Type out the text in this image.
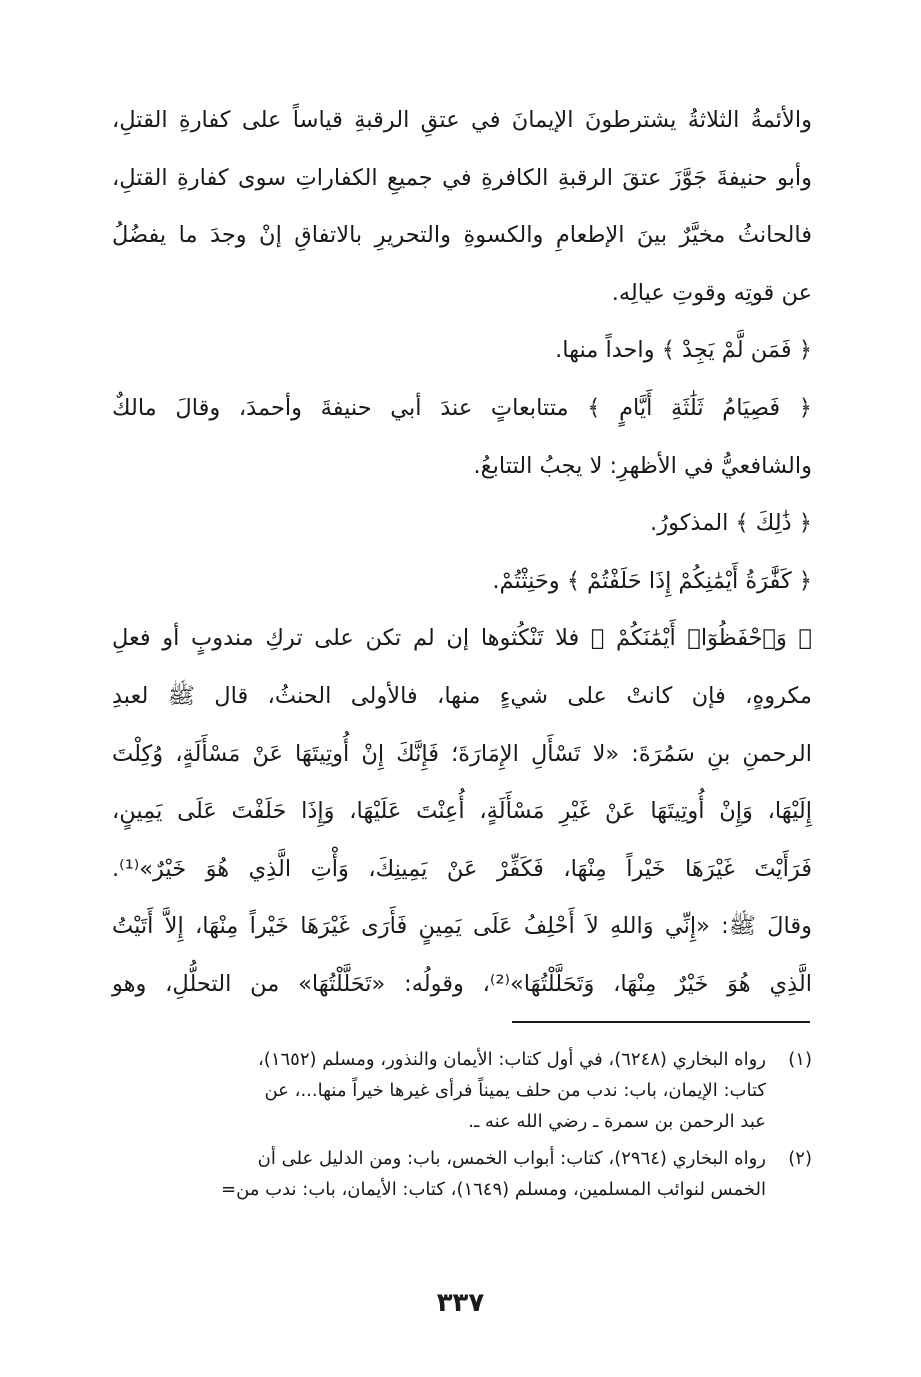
والأئمةُ الثلاثةُ يشترطونَ الإيمانَ في عتقِ الرقبةِ قياساً على كفارةِ القتلِ،
وأبو حنيفةَ جَوَّزَ عتقَ الرقبةِ الكافرةِ في جميعِ الكفاراتِ سوى كفارةِ القتلِ،
فالحانثُ مخيَّرٌ بينَ الإطعامِ والكسوةِ والتحريرِ بالاتفاقِ إنْ وجدَ ما يفضُلُ
عن قوتِه وقوتِ عيالِه.
﴿ فَمَن لَّمْ يَجِدْ ﴾ واحداً منها.
﴿ فَصِيَامُ ثَلَٰثَةِ أَيَّامٍ ﴾ متتابعاتٍ عندَ أبي حنيفةَ وأحمدَ، وقالَ مالكٌ
والشافعيُّ في الأظهرِ: لا يجبُ التتابعُ.
﴿ ذَٰلِكَ ﴾ المذكورُ.
﴿ كَفَّٰرَةُ أَيْمَٰنِكُمْ إِذَا حَلَفْتُمْ ﴾ وحَنِثْتُمْ.
﴿ وَٱحْفَظُوٓا۟ أَيْمَٰنَكُمْ ﴾ فلا تَنْكُثوها إن لم تكن على تركِ مندوبٍ أو فعلِ
مكروهٍ، فإن كانتْ على شيءٍ منها، فالأولى الحنثُ، قال ﷺ لعبدِ
الرحمنِ بنِ سَمُرَةَ: «لا تَسْأَلِ الإِمَارَةَ؛ فَإِنَّكَ إِنْ أُوتِيتَهَا عَنْ مَسْأَلَةٍ، وُكِلْتَ
إِلَيْهَا، وَإِنْ أُوتِيتَهَا عَنْ غَيْرِ مَسْأَلَةٍ، أُعِنْتَ عَلَيْهَا، وَإِذَا حَلَفْتَ عَلَى يَمِينٍ،
فَرَأَيْتَ غَيْرَهَا خَيْراً مِنْهَا، فَكَفِّرْ عَنْ يَمِينِكَ، وَأْتِ الَّذِي هُوَ خَيْرٌ»⁽¹⁾.
وقالَ ﷺ: «إِنِّي وَاللهِ لاَ أَحْلِفُ عَلَى يَمِينٍ فَأَرَى غَيْرَهَا خَيْراً مِنْهَا، إِلاَّ أَتَيْتُ
الَّذِي هُوَ خَيْرٌ مِنْهَا، وَتَحَلَّلْتُهَا»⁽²⁾، وقولُه: «تَحَلَّلْتُهَا» من التحلُّلِ، وهو
(١)
رواه البخاري (٦٢٤٨)، في أول كتاب: الأيمان والنذور، ومسلم (١٦٥٢)،
كتاب: الإيمان، باب: ندب من حلف يميناً فرأى غيرها خيراً منها...، عن
عبد الرحمن بن سمرة ـ رضي الله عنه ـ.
(٢)
رواه البخاري (٢٩٦٤)، كتاب: أبواب الخمس، باب: ومن الدليل على أن
الخمس لنوائب المسلمين، ومسلم (١٦٤٩)، كتاب: الأيمان، باب: ندب من=
٣٣٧
